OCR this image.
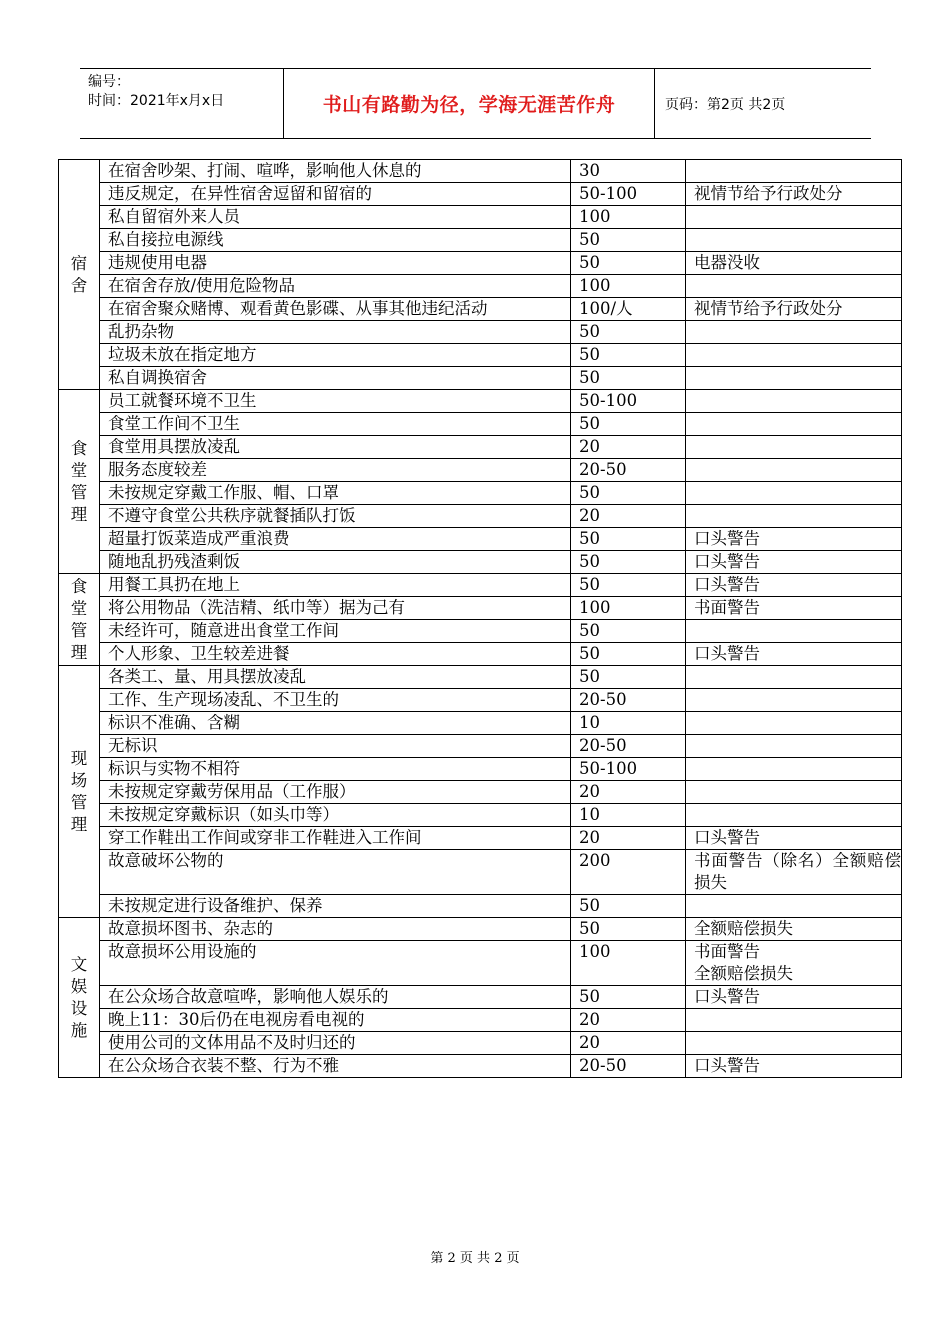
编号：
时间：2021年x月x日	书山有路勤为径，学海无涯苦作舟	页码：第2页 共2页
宿舍	在宿舍吵架、打闹、喧哗，影响他人休息的	30	
	违反规定，在异性宿舍逗留和留宿的	50-100	视情节给予行政处分
	私自留宿外来人员	100	
	私自接拉电源线	50	
	违规使用电器	50	电器没收
	在宿舍存放/使用危险物品	100	
	在宿舍聚众赌博、观看黄色影碟、从事其他违纪活动	100/人	视情节给予行政处分
	乱扔杂物	50	
	垃圾未放在指定地方	50	
	私自调换宿舍	50	

食堂管理	员工就餐环境不卫生	50-100	
	食堂工作间不卫生	50	
	食堂用具摆放凌乱	20	
	服务态度较差	20-50	
	未按规定穿戴工作服、帽、口罩	50	
	不遵守食堂公共秩序就餐插队打饭	20	
	超量打饭菜造成严重浪费	50	口头警告
	随地乱扔残渣剩饭	50	口头警告

食堂管理	用餐工具扔在地上	50	口头警告
	将公用物品（洗洁精、纸巾等）据为己有	100	书面警告
	未经许可，随意进出食堂工作间	50	
	个人形象、卫生较差进餐	50	口头警告

现场管理	各类工、量、用具摆放凌乱	50	
	工作、生产现场凌乱、不卫生的	20-50	
	标识不准确、含糊	10	
	无标识	20-50	
	标识与实物不相符	50-100	
	未按规定穿戴劳保用品（工作服）	20	
	未按规定穿戴标识（如头巾等）	10	
	穿工作鞋出工作间或穿非工作鞋进入工作间	20	口头警告
	故意破坏公物的	200	书面警告（除名）全额赔偿损失
	未按规定进行设备维护、保养	50	

文娱设施	故意损坏图书、杂志的	50	全额赔偿损失
	故意损坏公用设施的	100	书面警告
全额赔偿损失
	在公众场合故意喧哗，影响他人娱乐的	50	口头警告
	晚上11：30后仍在电视房看电视的	20	
	使用公司的文体用品不及时归还的	20	
	在公众场合衣装不整、行为不雅	20-50	口头警告
第 2 页 共 2 页
